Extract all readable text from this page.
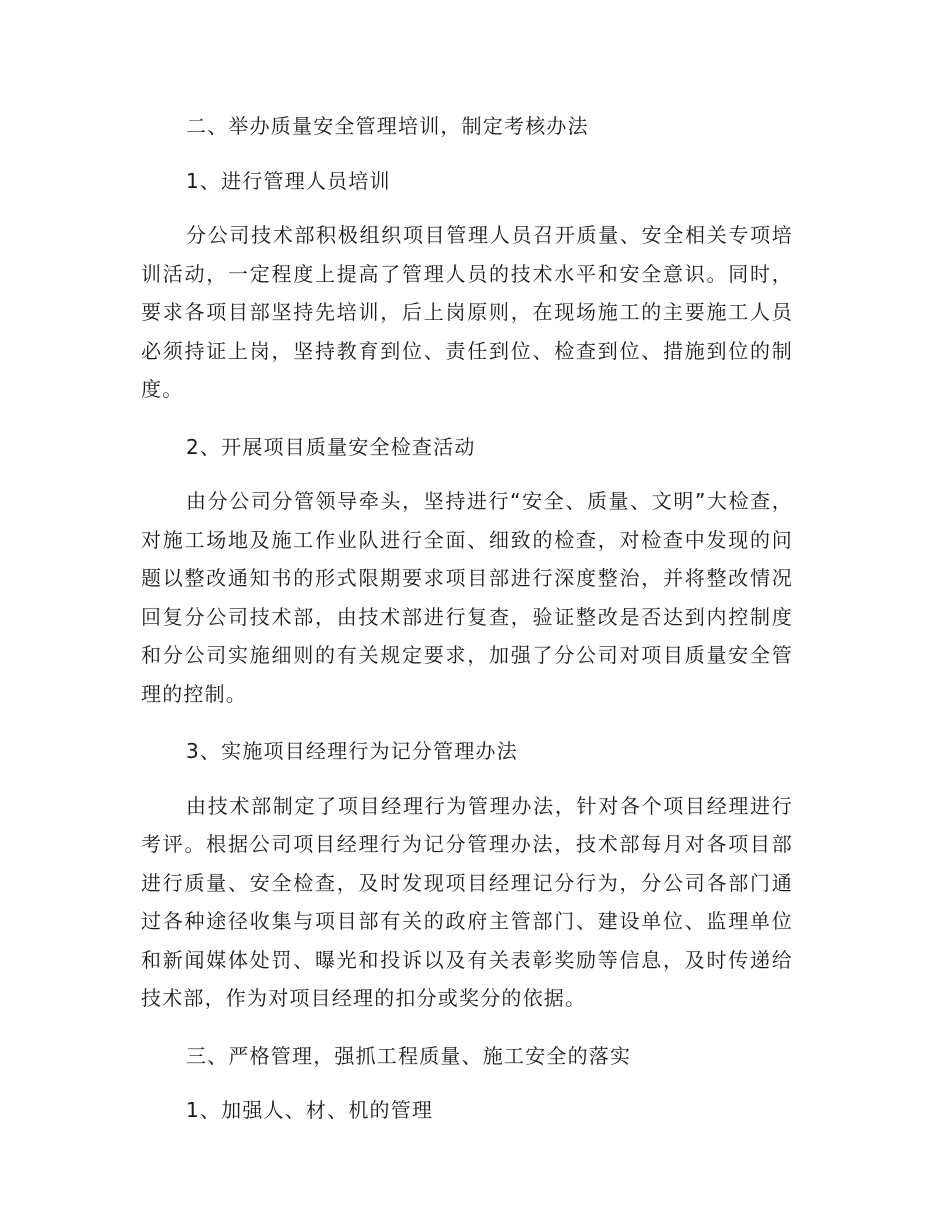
二、举办质量安全管理培训，制定考核办法

1、进行管理人员培训

分公司技术部积极组织项目管理人员召开质量、安全相关专项培训活动，一定程度上提高了管理人员的技术水平和安全意识。同时，要求各项目部坚持先培训，后上岗原则，在现场施工的主要施工人员必须持证上岗，坚持教育到位、责任到位、检查到位、措施到位的制度。

2、开展项目质量安全检查活动

由分公司分管领导牵头，坚持进行“安全、质量、文明”大检查，对施工场地及施工作业队进行全面、细致的检查，对检查中发现的问题以整改通知书的形式限期要求项目部进行深度整治，并将整改情况回复分公司技术部，由技术部进行复查，验证整改是否达到内控制度和分公司实施细则的有关规定要求，加强了分公司对项目质量安全管理的控制。

3、实施项目经理行为记分管理办法

由技术部制定了项目经理行为管理办法，针对各个项目经理进行考评。根据公司项目经理行为记分管理办法，技术部每月对各项目部进行质量、安全检查，及时发现项目经理记分行为，分公司各部门通过各种途径收集与项目部有关的政府主管部门、建设单位、监理单位和新闻媒体处罚、曝光和投诉以及有关表彰奖励等信息，及时传递给技术部，作为对项目经理的扣分或奖分的依据。

三、严格管理，强抓工程质量、施工安全的落实

1、加强人、材、机的管理
